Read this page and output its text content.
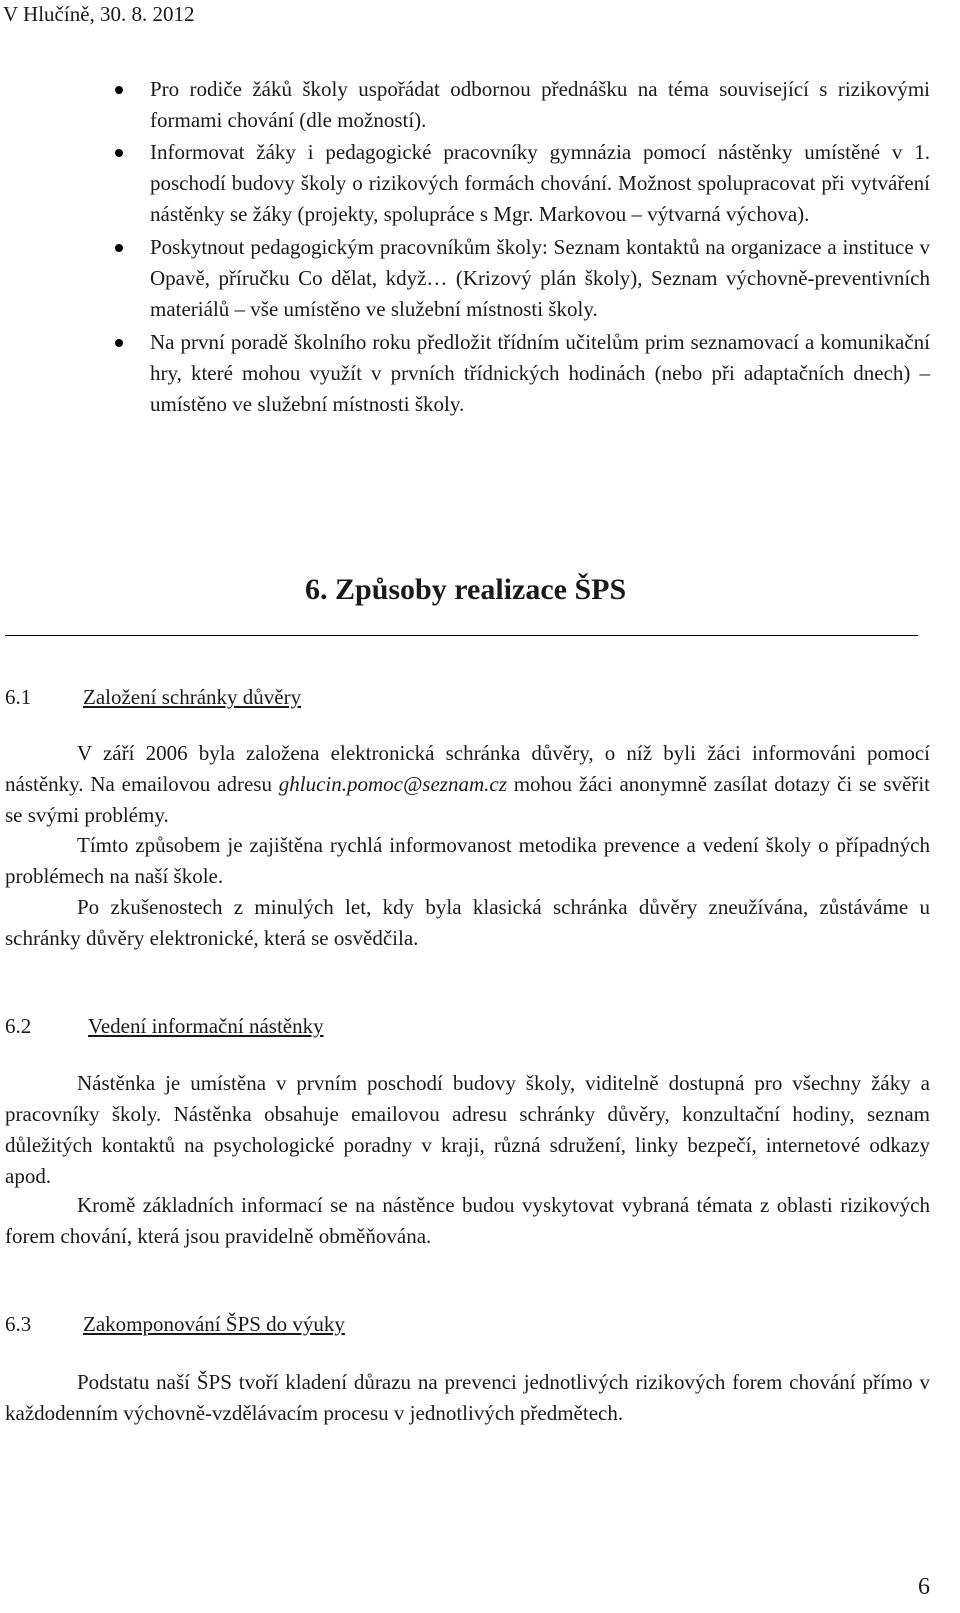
V Hlučíně, 30. 8. 2012
Pro rodiče žáků školy uspořádat odbornou přednášku na téma související s rizikovými formami chování (dle možností).
Informovat žáky i pedagogické pracovníky gymnázia pomocí nástěnky umístěné v 1. poschodí budovy školy o rizikových formách chování. Možnost spolupracovat při vytváření nástěnky se žáky (projekty, spolupráce s Mgr. Markovou – výtvarná výchova).
Poskytnout pedagogickým pracovníkům školy: Seznam kontaktů na organizace a instituce v Opavě, příručku Co dělat, když… (Krizový plán školy), Seznam výchovně-preventivních materiálů – vše umístěno ve služební místnosti školy.
Na první poradě školního roku předložit třídním učitelům prim seznamovací a komunikační hry, které mohou využít v prvních třídnických hodinách (nebo při adaptačních dnech) – umístěno ve služební místnosti školy.
6. Způsoby realizace ŠPS
6.1 Založení schránky důvěry

V září 2006 byla založena elektronická schránka důvěry, o níž byli žáci informováni pomocí nástěnky. Na emailovou adresu ghlucin.pomoc@seznam.cz mohou žáci anonymně zasílat dotazy či se svěřit se svými problémy.

Tímto způsobem je zajištěna rychlá informovanost metodika prevence a vedení školy o případných problémech na naší škole.

Po zkušenostech z minulých let, kdy byla klasická schránka důvěry zneužívána, zůstáváme u schránky důvěry elektronické, která se osvědčila.

6.2	Vedení informační nástěnky

Nástěnka je umístěna v prvním poschodí budovy školy, viditelně dostupná pro všechny žáky a pracovníky školy. Nástěnka obsahuje emailovou adresu schránky důvěry, konzultační hodiny, seznam důležitých kontaktů na psychologické poradny v kraji, různá sdružení, linky bezpečí, internetové odkazy apod.

Kromě základních informací se na nástěnce budou vyskytovat vybraná témata z oblasti rizikových forem chování, která jsou pravidelně obměňována.

6.3 Zakomponování ŠPS do výuky

Podstatu naší ŠPS tvoří kladení důrazu na prevenci jednotlivých rizikových forem chování přímo v každodenním výchovně-vzdělávacím procesu v jednotlivých předmětech.

6
